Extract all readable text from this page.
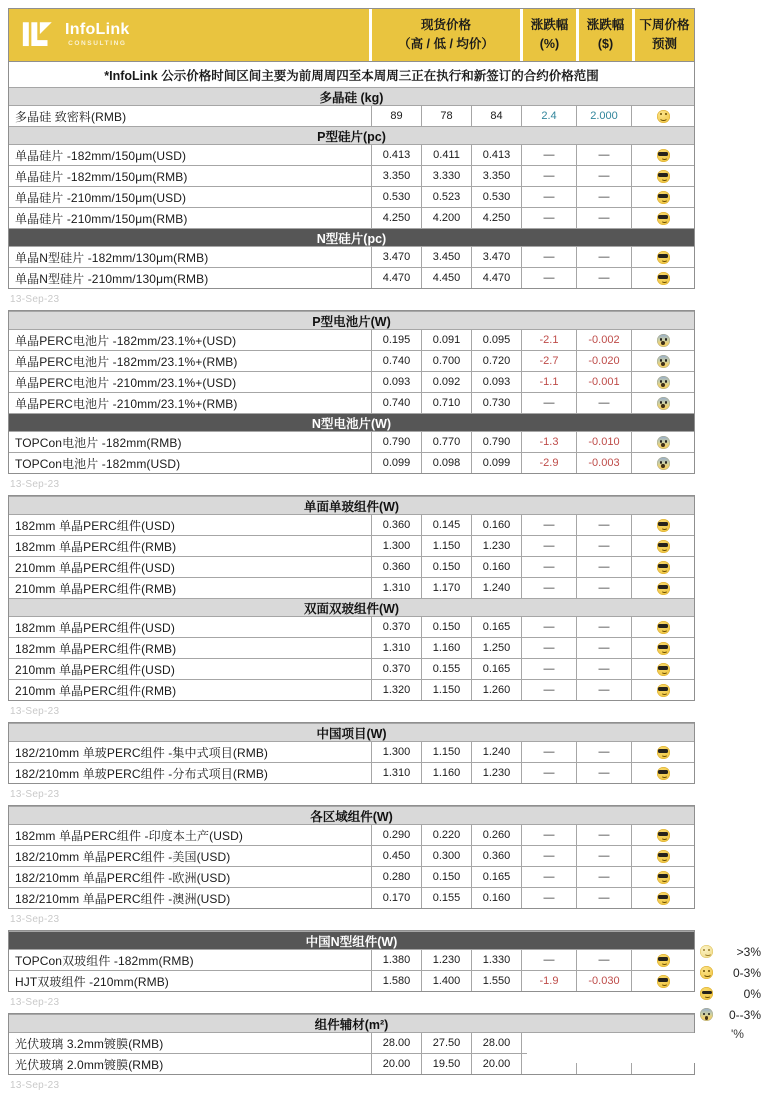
InfoLink
CONSULTING
现货价格
（高 / 低 / 均价）
涨跌幅
(%)
涨跌幅
($)
下周价格
预测
*InfoLink 公示价格时间区间主要为前周周四至本周周三正在执行和新签订的合约价格范围
多晶硅 (kg)
多晶硅 致密料(RMB)	89	78	84	2.4	2.000
P型硅片(pc)
单晶硅片 -182mm/150μm(USD)	0.413	0.411	0.413	—	—
单晶硅片 -182mm/150μm(RMB)	3.350	3.330	3.350	—	—
单晶硅片 -210mm/150μm(USD)	0.530	0.523	0.530	—	—
单晶硅片 -210mm/150μm(RMB)	4.250	4.200	4.250	—	—
N型硅片(pc)
单晶N型硅片 -182mm/130μm(RMB)	3.470	3.450	3.470	—	—
单晶N型硅片 -210mm/130μm(RMB)	4.470	4.450	4.470	—	—
13-Sep-23
P型电池片(W)
单晶PERC电池片 -182mm/23.1%+(USD)	0.195	0.091	0.095	-2.1	-0.002
单晶PERC电池片 -182mm/23.1%+(RMB)	0.740	0.700	0.720	-2.7	-0.020
单晶PERC电池片 -210mm/23.1%+(USD)	0.093	0.092	0.093	-1.1	-0.001
单晶PERC电池片 -210mm/23.1%+(RMB)	0.740	0.710	0.730	—	—
N型电池片(W)
TOPCon电池片 -182mm(RMB)	0.790	0.770	0.790	-1.3	-0.010
TOPCon电池片 -182mm(USD)	0.099	0.098	0.099	-2.9	-0.003
13-Sep-23
单面单玻组件(W)
182mm 单晶PERC组件(USD)	0.360	0.145	0.160	—	—
182mm 单晶PERC组件(RMB)	1.300	1.150	1.230	—	—
210mm 单晶PERC组件(USD)	0.360	0.150	0.160	—	—
210mm 单晶PERC组件(RMB)	1.310	1.170	1.240	—	—
双面双玻组件(W)
182mm 单晶PERC组件(USD)	0.370	0.150	0.165	—	—
182mm 单晶PERC组件(RMB)	1.310	1.160	1.250	—	—
210mm 单晶PERC组件(USD)	0.370	0.155	0.165	—	—
210mm 单晶PERC组件(RMB)	1.320	1.150	1.260	—	—
13-Sep-23
中国项目(W)
182/210mm 单玻PERC组件 -集中式项目(RMB)	1.300	1.150	1.240	—	—
182/210mm 单玻PERC组件 -分布式项目(RMB)	1.310	1.160	1.230	—	—
13-Sep-23
各区域组件(W)
182mm 单晶PERC组件 -印度本土产(USD)	0.290	0.220	0.260	—	—
182/210mm 单晶PERC组件 -美国(USD)	0.450	0.300	0.360	—	—
182/210mm 单晶PERC组件 -欧洲(USD)	0.280	0.150	0.165	—	—
182/210mm 单晶PERC组件 -澳洲(USD)	0.170	0.155	0.160	—	—
13-Sep-23
中国N型组件(W)
TOPCon双玻组件 -182mm(RMB)	1.380	1.230	1.330	—	—
HJT双玻组件 -210mm(RMB)	1.580	1.400	1.550	-1.9	-0.030
13-Sep-23
组件辅材(m²)
光伏玻璃 3.2mm镀膜(RMB)	28.00	27.50	28.00
光伏玻璃 2.0mm镀膜(RMB)	20.00	19.50	20.00
13-Sep-23
>3%
0-3%
0%
0--3%
'%
